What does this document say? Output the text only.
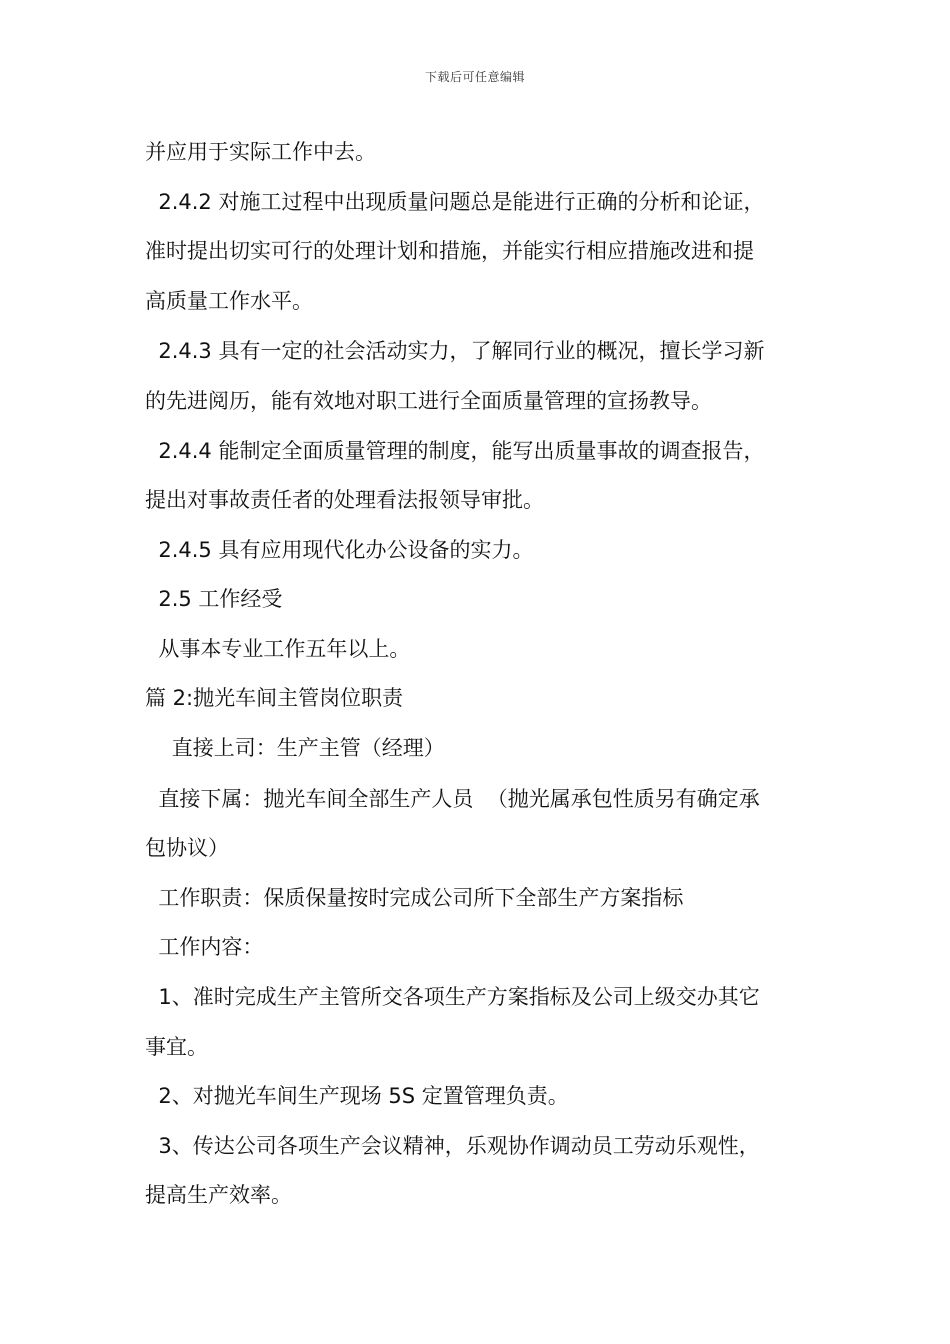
下载后可任意编辑
并应用于实际工作中去。
2.4.2 对施工过程中出现质量问题总是能进行正确的分析和论证，
准时提出切实可行的处理计划和措施，并能实行相应措施改进和提
高质量工作水平。
2.4.3 具有一定的社会活动实力，了解同行业的概况，擅长学习新
的先进阅历，能有效地对职工进行全面质量管理的宣扬教导。
2.4.4 能制定全面质量管理的制度，能写出质量事故的调查报告，
提出对事故责任者的处理看法报领导审批。
2.4.5 具有应用现代化办公设备的实力。
2.5 工作经受
从事本专业工作五年以上。
篇 2:抛光车间主管岗位职责
直接上司：生产主管（经理）
直接下属：抛光车间全部生产人员  （抛光属承包性质另有确定承
包协议）
工作职责：保质保量按时完成公司所下全部生产方案指标
工作内容：
1、准时完成生产主管所交各项生产方案指标及公司上级交办其它
事宜。
2、对抛光车间生产现场 5S 定置管理负责。
3、传达公司各项生产会议精神，乐观协作调动员工劳动乐观性，
提高生产效率。
